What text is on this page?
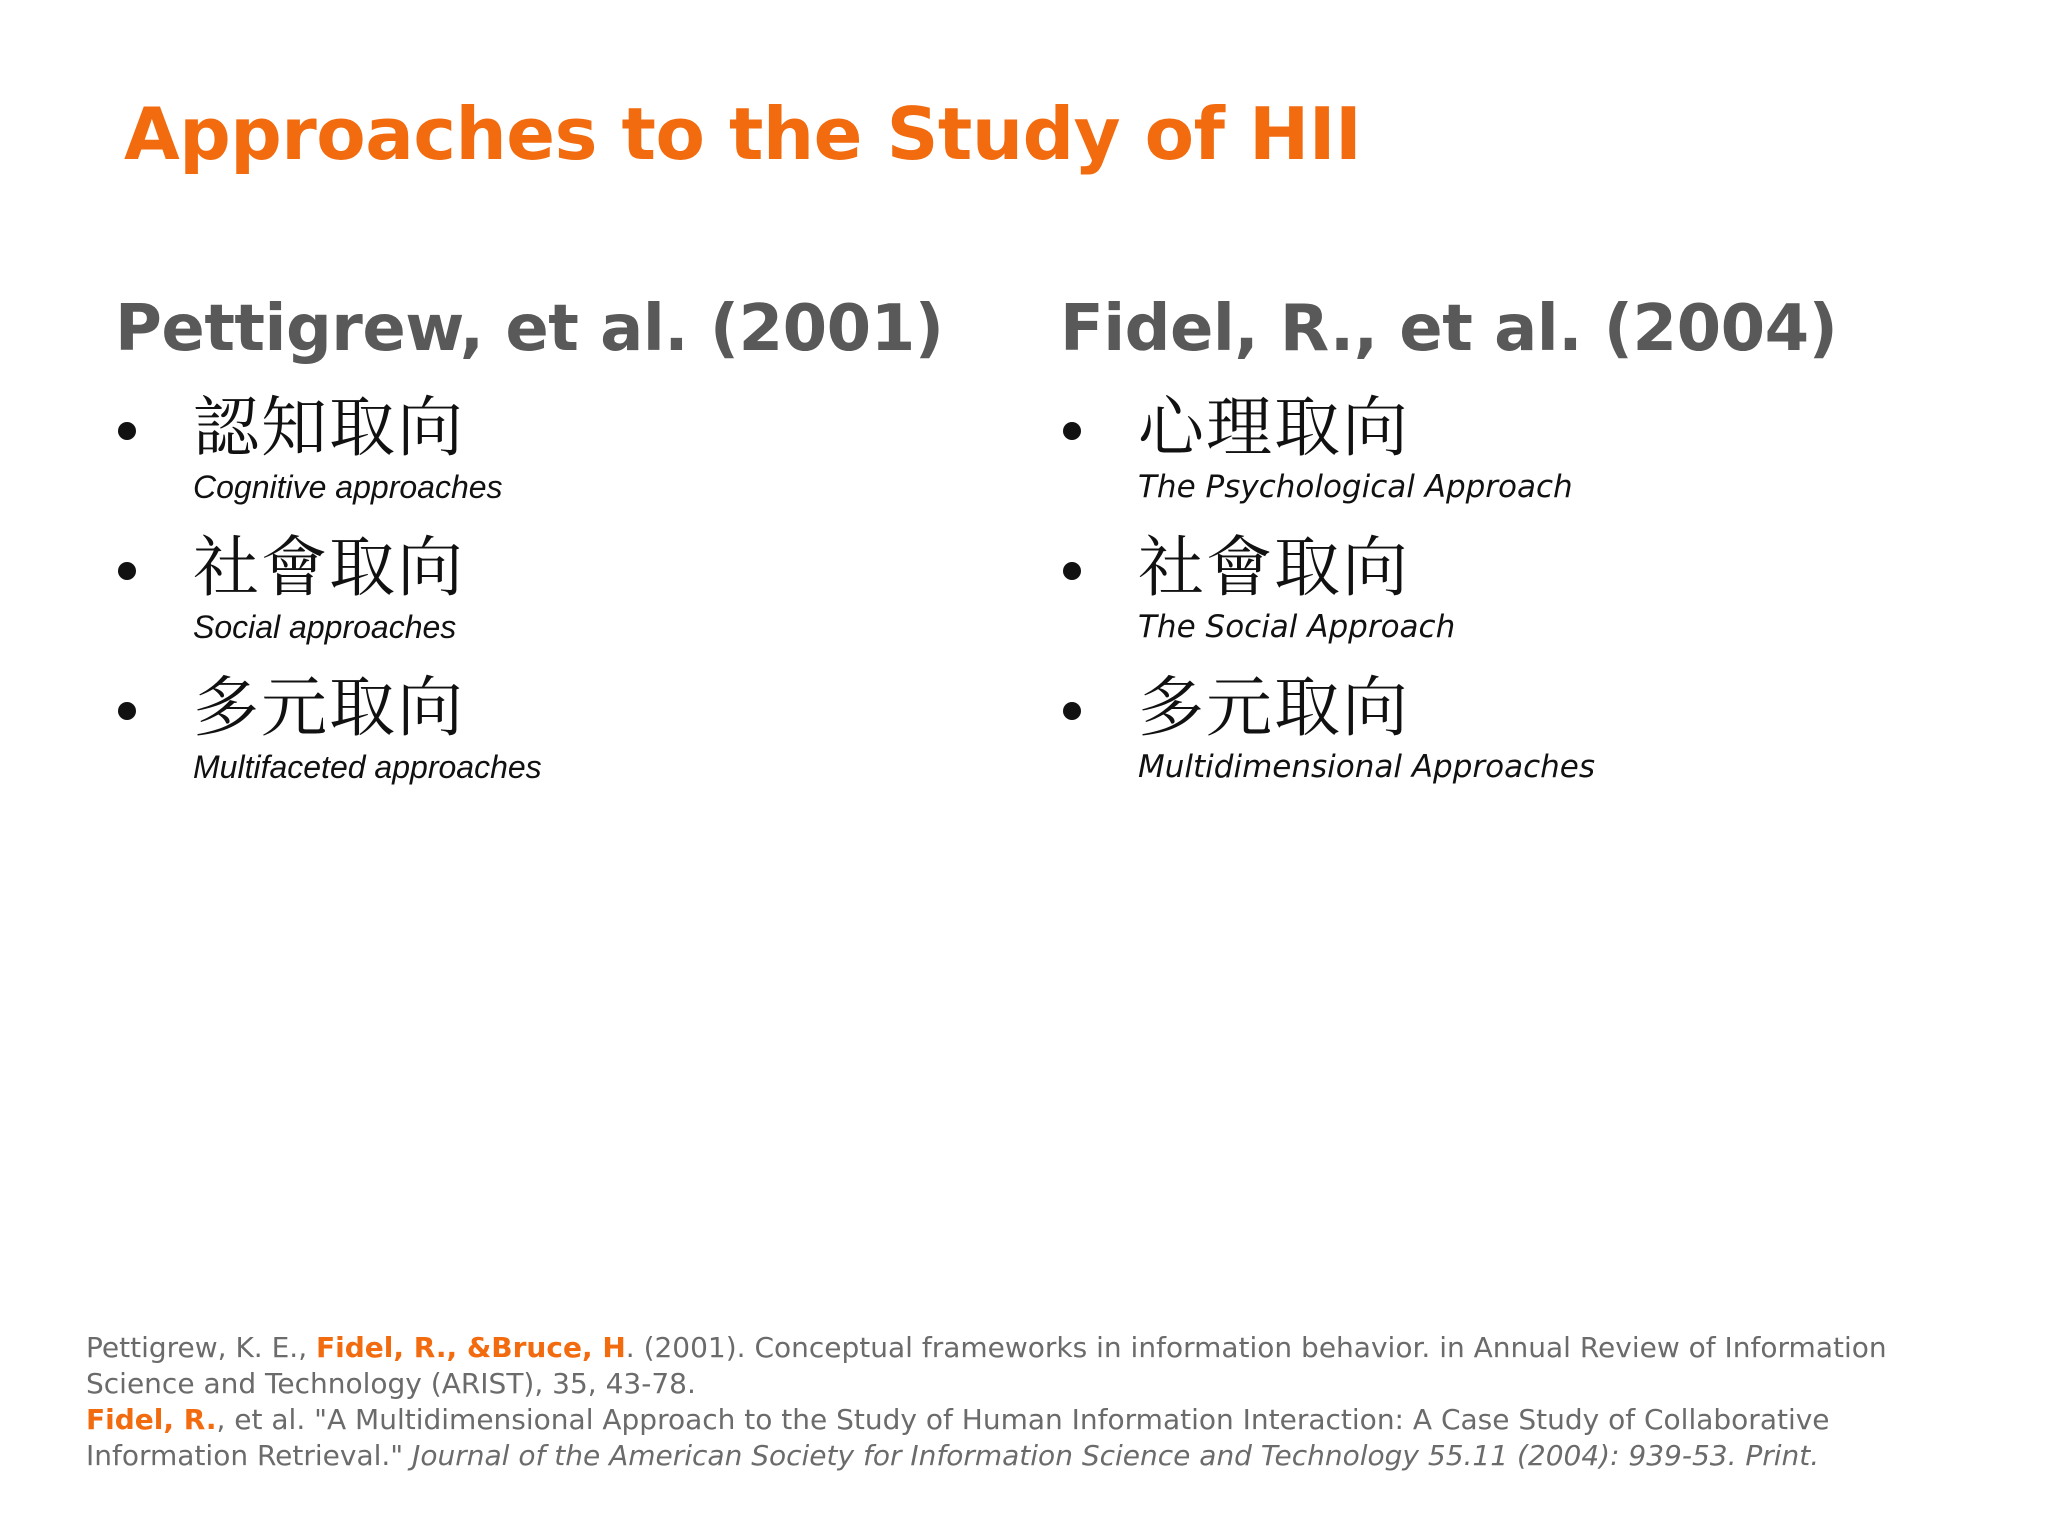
Approaches to the Study of HII
Pettigrew, et al. (2001)
認知取向
Cognitive approaches
社會取向
Social approaches
多元取向
Multifaceted approaches
Fidel, R., et al. (2004)
心理取向
The Psychological Approach
社會取向
The Social Approach
多元取向
Multidimensional Approaches
Pettigrew, K. E., Fidel, R., &Bruce, H. (2001). Conceptual frameworks in information behavior. in Annual Review of Information Science and Technology (ARIST), 35, 43-78.
Fidel, R., et al. "A Multidimensional Approach to the Study of Human Information Interaction: A Case Study of Collaborative Information Retrieval." Journal of the American Society for Information Science and Technology 55.11 (2004): 939-53. Print.
